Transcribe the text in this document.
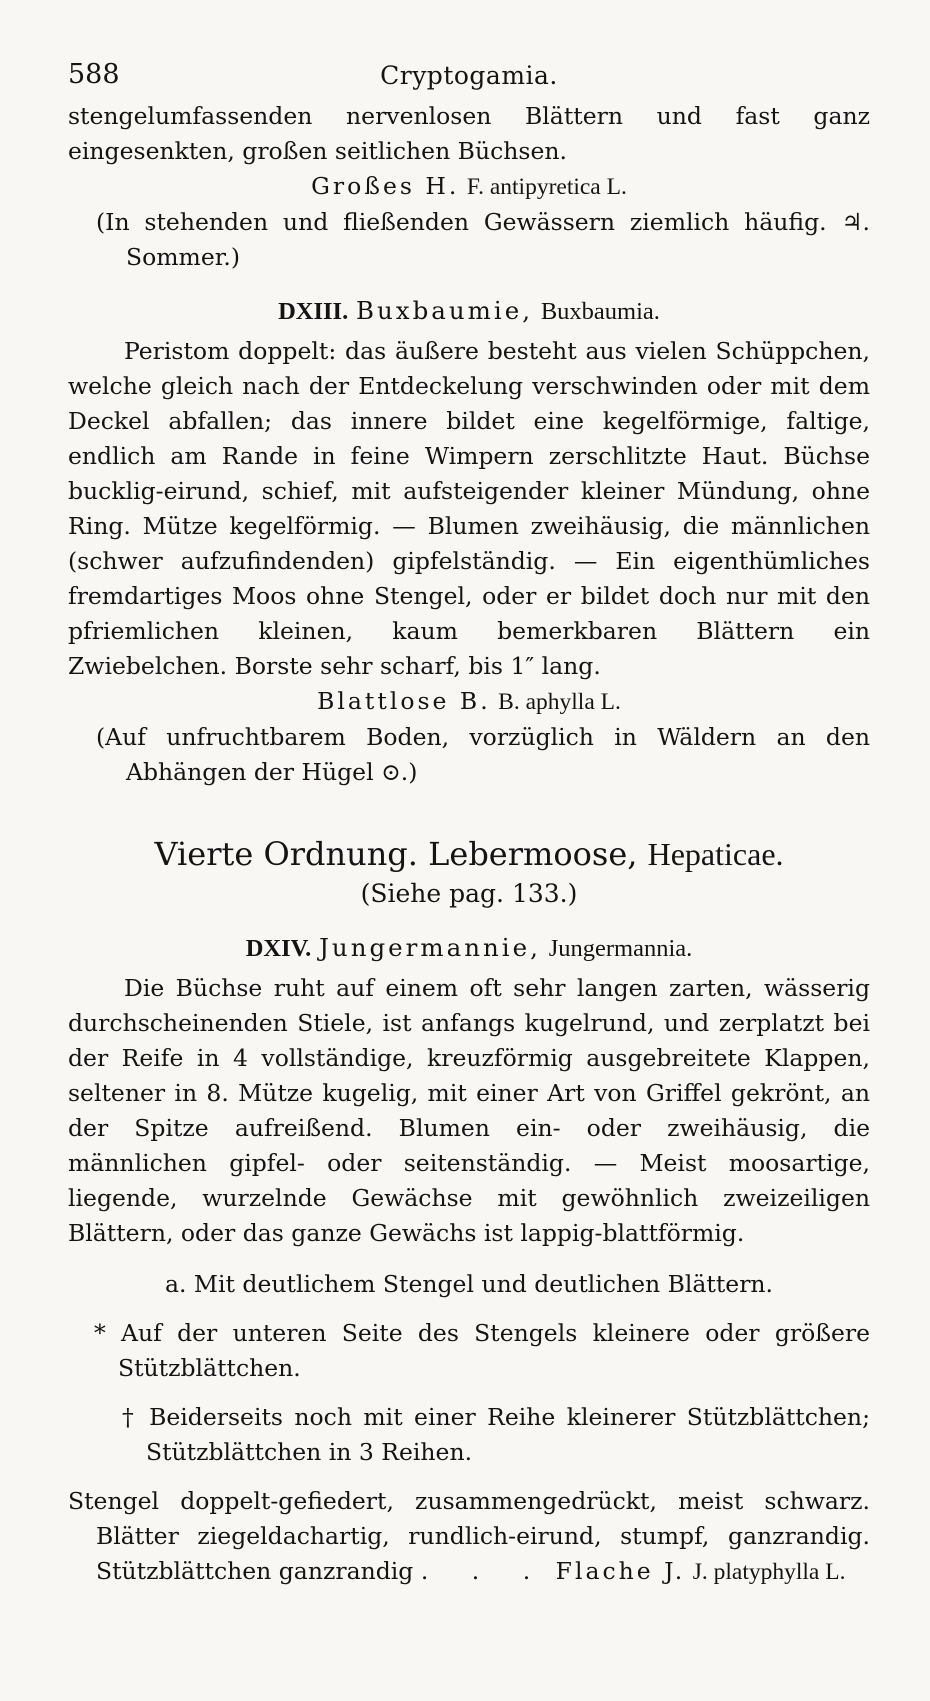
588	Cryptogamia.

stengelumfassenden nervenlosen Blättern und fast ganz eingesenkten, großen seitlichen Büchsen.

Großes H. F. antipyretica L.

(In stehenden und fließenden Gewässern ziemlich häufig. ♃. Sommer.)

DXIII. Buxbaumie, Buxbaumia.

Peristom doppelt: das äußere besteht aus vielen Schüppchen, welche gleich nach der Entdeckelung verschwinden oder mit dem Deckel abfallen; das innere bildet eine kegelförmige, faltige, endlich am Rande in feine Wimpern zerschlitzte Haut. Büchse bucklig-eirund, schief, mit aufsteigender kleiner Mündung, ohne Ring. Mütze kegelförmig. — Blumen zweihäusig, die männlichen (schwer aufzufindenden) gipfelständig. — Ein eigenthümliches fremdartiges Moos ohne Stengel, oder er bildet doch nur mit den pfriemlichen kleinen, kaum bemerkbaren Blättern ein Zwiebelchen. Borste sehr scharf, bis 1″ lang.

Blattlose B. B. aphylla L.

(Auf unfruchtbarem Boden, vorzüglich in Wäldern an den Abhängen der Hügel ⊙.)

Vierte Ordnung. Lebermoose, Hepaticae.
(Siehe pag. 133.)
DXIV. Jungermannie, Jungermannia.

Die Büchse ruht auf einem oft sehr langen zarten, wässerig durchscheinenden Stiele, ist anfangs kugelrund, und zerplatzt bei der Reife in 4 vollständige, kreuzförmig ausgebreitete Klappen, seltener in 8. Mütze kugelig, mit einer Art von Griffel gekrönt, an der Spitze aufreißend. Blumen ein- oder zweihäusig, die männlichen gipfel- oder seitenständig. — Meist moosartige, liegende, wurzelnde Gewächse mit gewöhnlich zweizeiligen Blättern, oder das ganze Gewächs ist lappig-blattförmig.

a. Mit deutlichem Stengel und deutlichen Blättern.

* Auf der unteren Seite des Stengels kleinere oder größere Stützblättchen.

† Beiderseits noch mit einer Reihe kleinerer Stützblättchen; Stützblättchen in 3 Reihen.

Stengel doppelt-gefiedert, zusammengedrückt, meist schwarz. Blätter ziegeldachartig, rundlich-eirund, stumpf, ganzrandig. Stützblättchen ganzrandig . . . Flache J. J. platyphylla L.
